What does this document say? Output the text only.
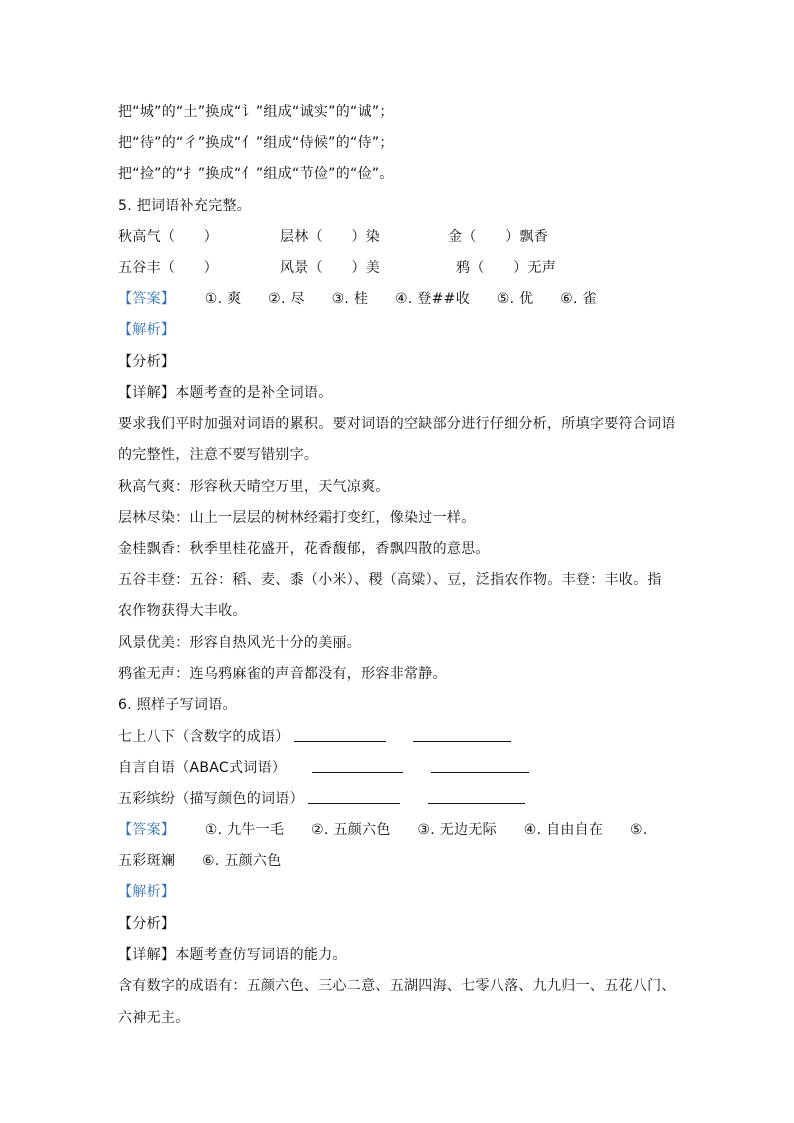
把“城”的“土”换成“讠”组成“诚实”的“诚”；
把“待”的“彳”换成“亻”组成“侍候”的“侍”；
把“捡”的“扌”换成“亻”组成“节俭”的“俭”。
5. 把词语补充完整。
秋高气（　　）	层林（　　）染	金（　　）飘香
五谷丰（　　）	风景（　　）美	鸦（　　）无声
【答案】 ①. 爽 ②. 尽 ③. 桂 ④. 登##收 ⑤. 优 ⑥. 雀
【解析】
【分析】
【详解】本题考查的是补全词语。
要求我们平时加强对词语的累积。要对词语的空缺部分进行仔细分析，所填字要符合词语
的完整性，注意不要写错别字。
秋高气爽：形容秋天晴空万里，天气凉爽。
层林尽染：山上一层层的树林经霜打变红，像染过一样。
金桂飘香：秋季里桂花盛开，花香馥郁，香飘四散的意思。
五谷丰登：五谷：稻、麦、黍（小米）、稷（高粱）、豆，泛指农作物。丰登：丰收。指
农作物获得大丰收。
风景优美：形容自热风光十分的美丽。
鸦雀无声：连乌鸦麻雀的声音都没有，形容非常静。
6. 照样子写词语。
七上八下（含数字的成语）
自言自语（ABAC式词语）
五彩缤纷（描写颜色的词语）
【答案】 ①. 九牛一毛 ②. 五颜六色 ③. 无边无际 ④. 自由自在 ⑤.
五彩斑斓 ⑥. 五颜六色
【解析】
【分析】
【详解】本题考查仿写词语的能力。
含有数字的成语有：五颜六色、三心二意、五湖四海、七零八落、九九归一、五花八门、
六神无主。
